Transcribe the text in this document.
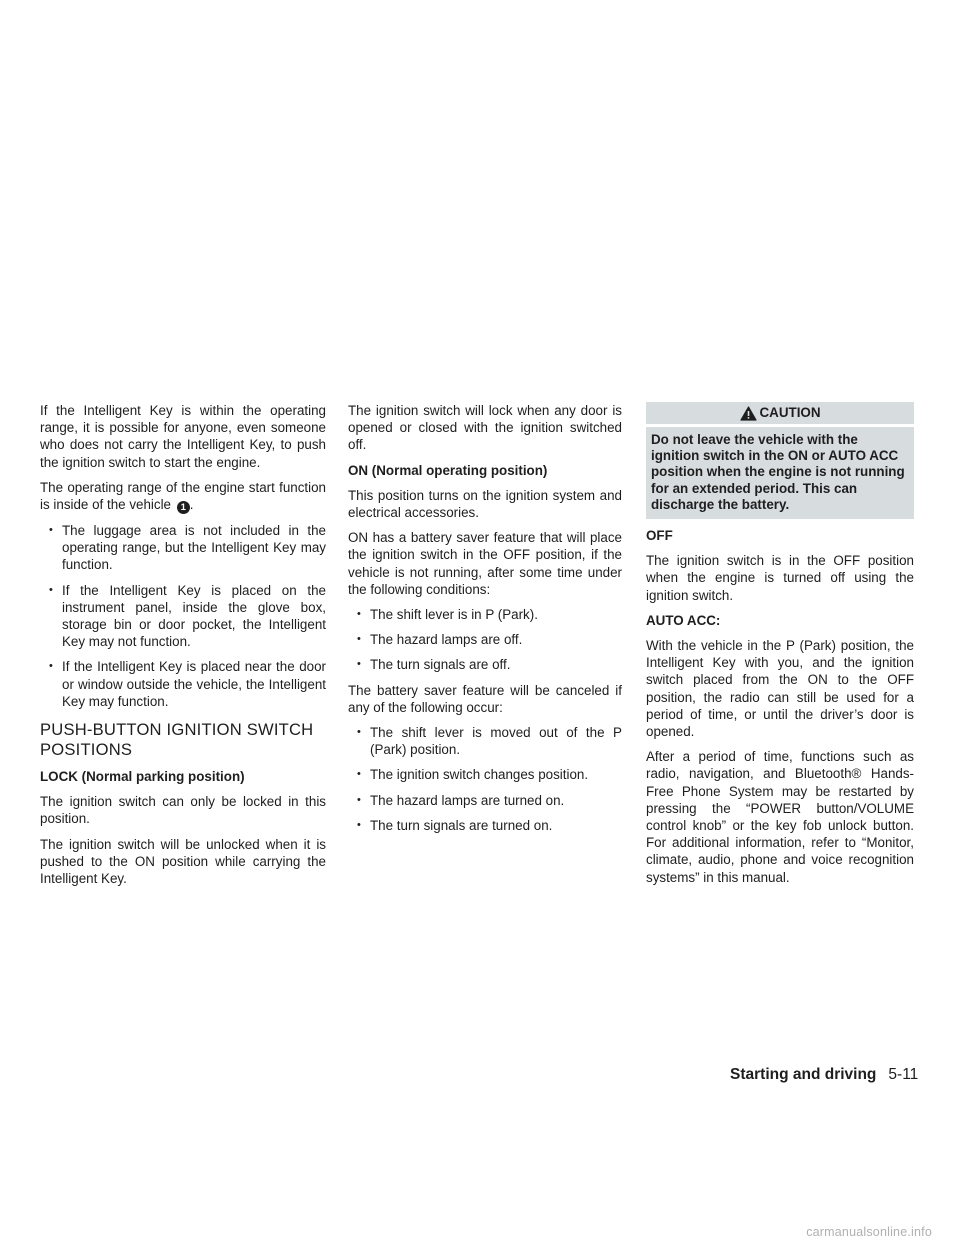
If the Intelligent Key is within the operating range, it is possible for anyone, even someone who does not carry the Intelligent Key, to push the ignition switch to start the engine.

The operating range of the engine start function is inside of the vehicle 1 .

• The luggage area is not included in the operating range, but the Intelligent Key may function.
• If the Intelligent Key is placed on the instrument panel, inside the glove box, storage bin or door pocket, the Intelligent Key may not function.
• If the Intelligent Key is placed near the door or window outside the vehicle, the Intelligent Key may function.
PUSH-BUTTON IGNITION SWITCH POSITIONS
LOCK (Normal parking position)

The ignition switch can only be locked in this position.

The ignition switch will be unlocked when it is pushed to the ON position while carrying the Intelligent Key.

The ignition switch will lock when any door is opened or closed with the ignition switched off.

ON (Normal operating position)

This position turns on the ignition system and electrical accessories.

ON has a battery saver feature that will place the ignition switch in the OFF position, if the vehicle is not running, after some time under the following conditions:

• The shift lever is in P (Park).
• The hazard lamps are off.
• The turn signals are off.

The battery saver feature will be canceled if any of the following occur:

• The shift lever is moved out of the P (Park) position.
• The ignition switch changes position.
• The hazard lamps are turned on.
• The turn signals are turned on.
CAUTION
Do not leave the vehicle with the ignition switch in the ON or AUTO ACC position when the engine is not running for an extended period. This can discharge the battery.
OFF

The ignition switch is in the OFF position when the engine is turned off using the ignition switch.

AUTO ACC:

With the vehicle in the P (Park) position, the Intelligent Key with you, and the ignition switch placed from the ON to the OFF position, the radio can still be used for a period of time, or until the driver’s door is opened.

After a period of time, functions such as radio, navigation, and Bluetooth® Hands-Free Phone System may be restarted by pressing the “POWER button/VOLUME control knob” or the key fob unlock button. For additional information, refer to “Monitor, climate, audio, phone and voice recognition systems” in this manual.

Starting and driving 5-11
carmanualsonline.info
